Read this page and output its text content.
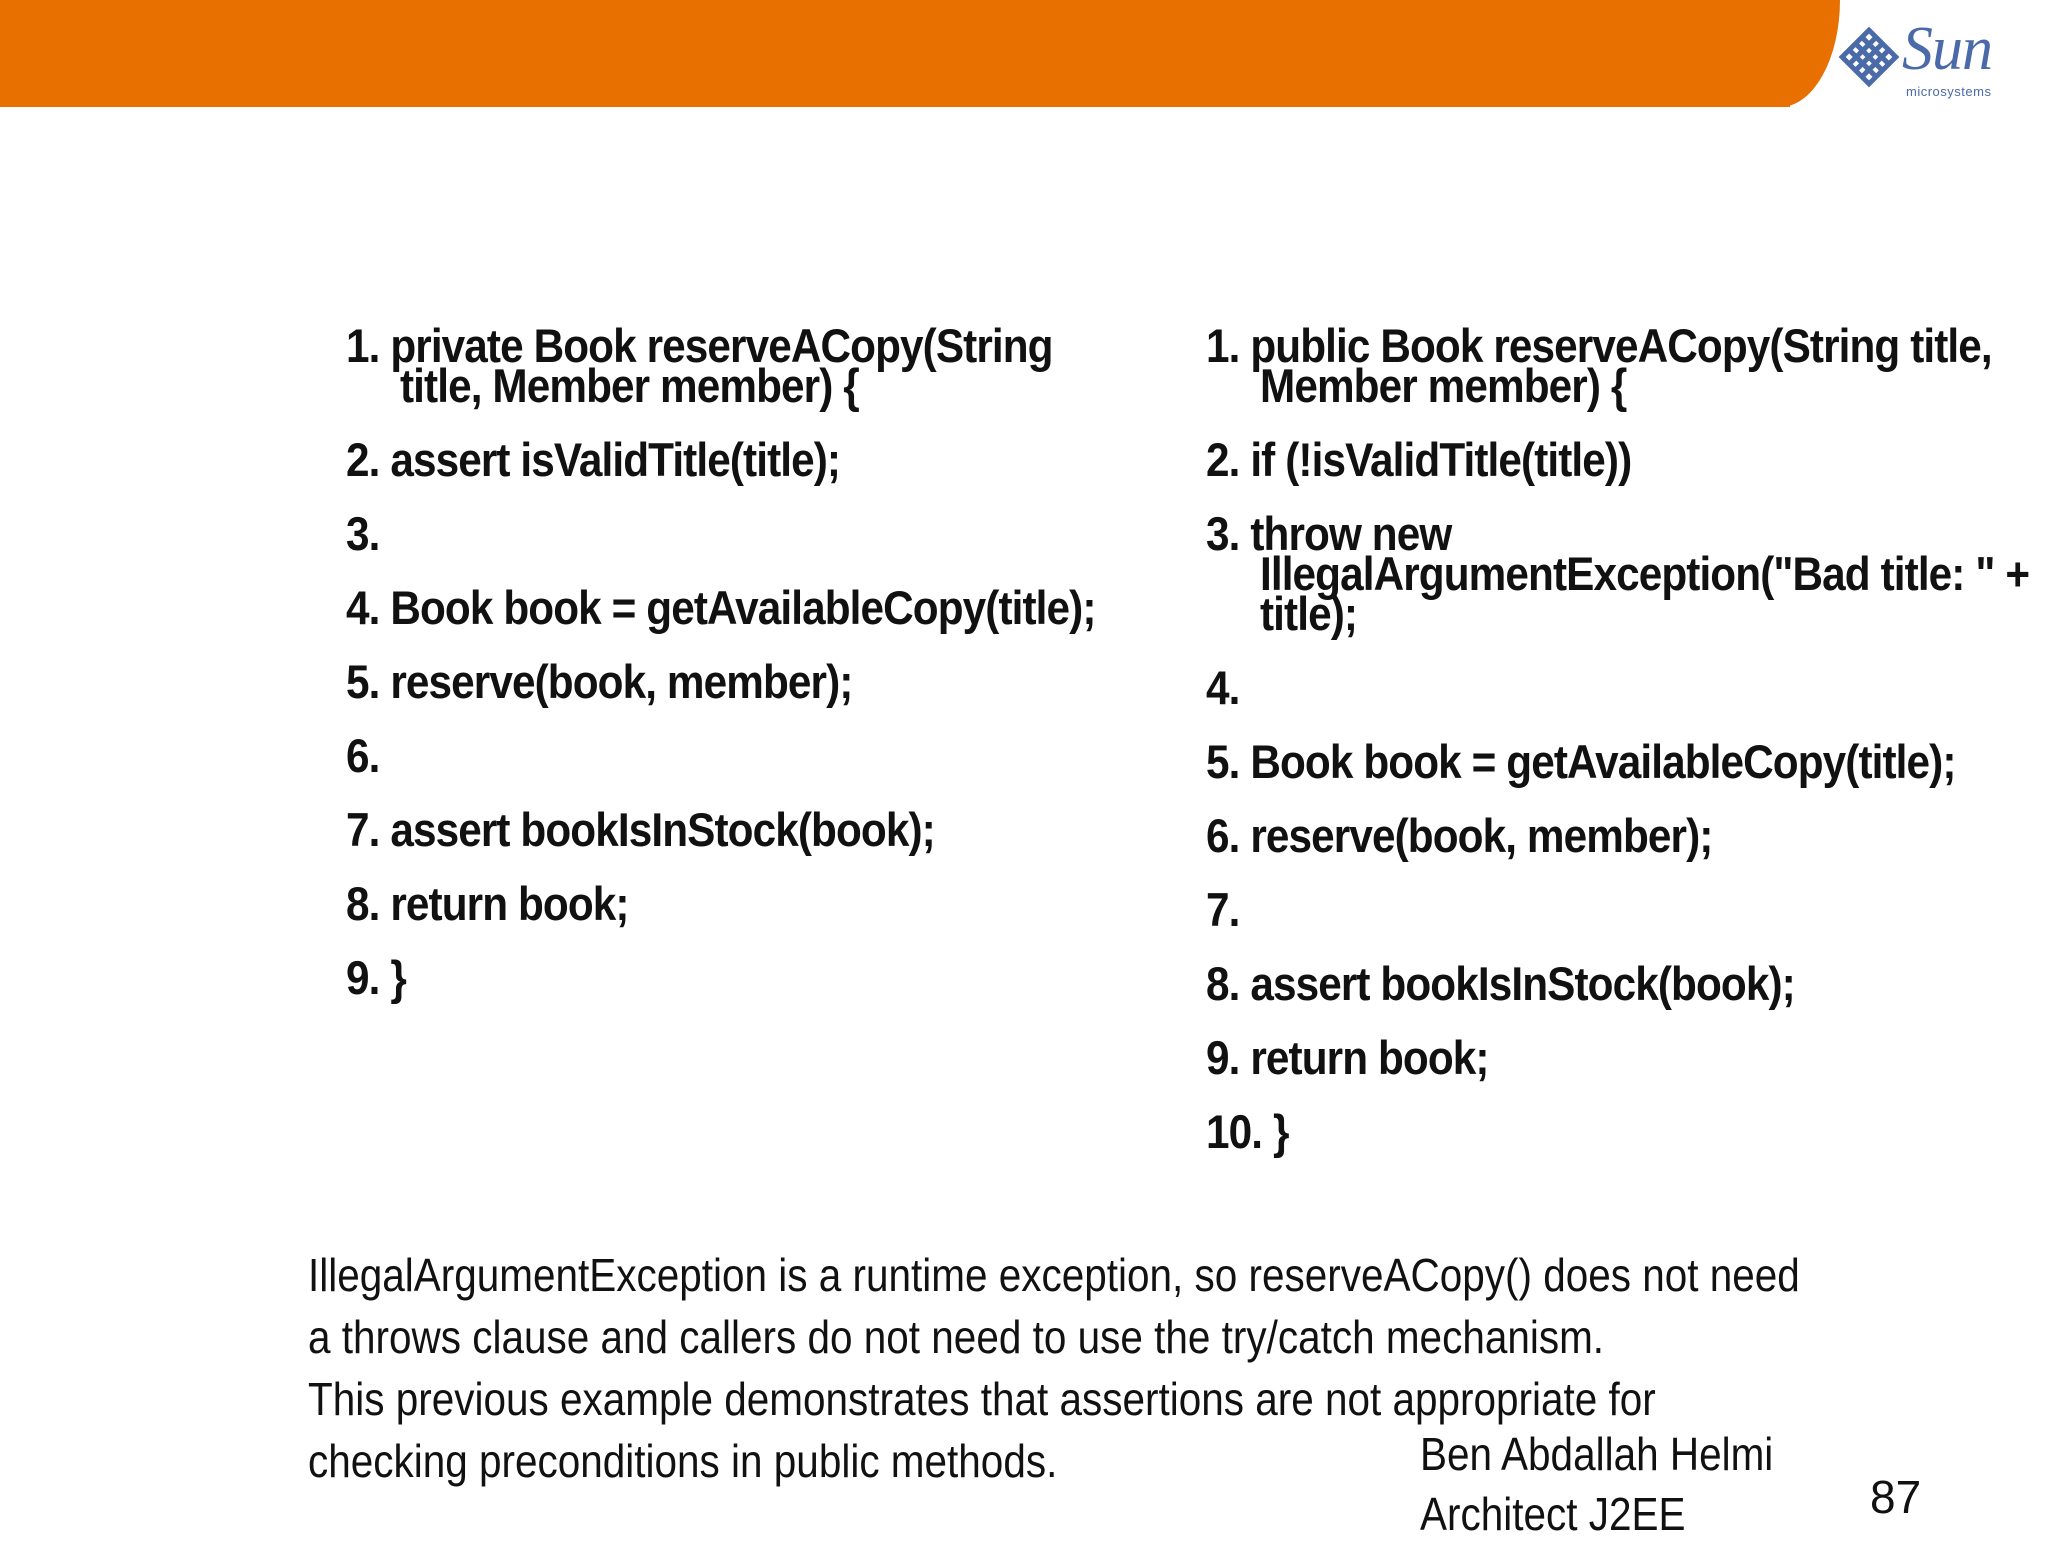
Sun
microsystems
1. private Book reserveACopy(String title, Member member) {
2. assert isValidTitle(title);
3.
4. Book book = getAvailableCopy(title);
5. reserve(book, member);
6.
7. assert bookIsInStock(book);
8. return book;
9. }
1. public Book reserveACopy(String title, Member member) {
2. if (!isValidTitle(title))
3. throw new IllegalArgumentException("Bad title: " + title);
4.
5. Book book = getAvailableCopy(title);
6. reserve(book, member);
7.
8. assert bookIsInStock(book);
9. return book;
10. }

IllegalArgumentException is a runtime exception, so reserveACopy() does not need a throws clause and callers do not need to use the try/catch mechanism.

This previous example demonstrates that assertions are not appropriate for checking preconditions in public methods.	Ben Abdallah Helmi Architect J2EE	87
